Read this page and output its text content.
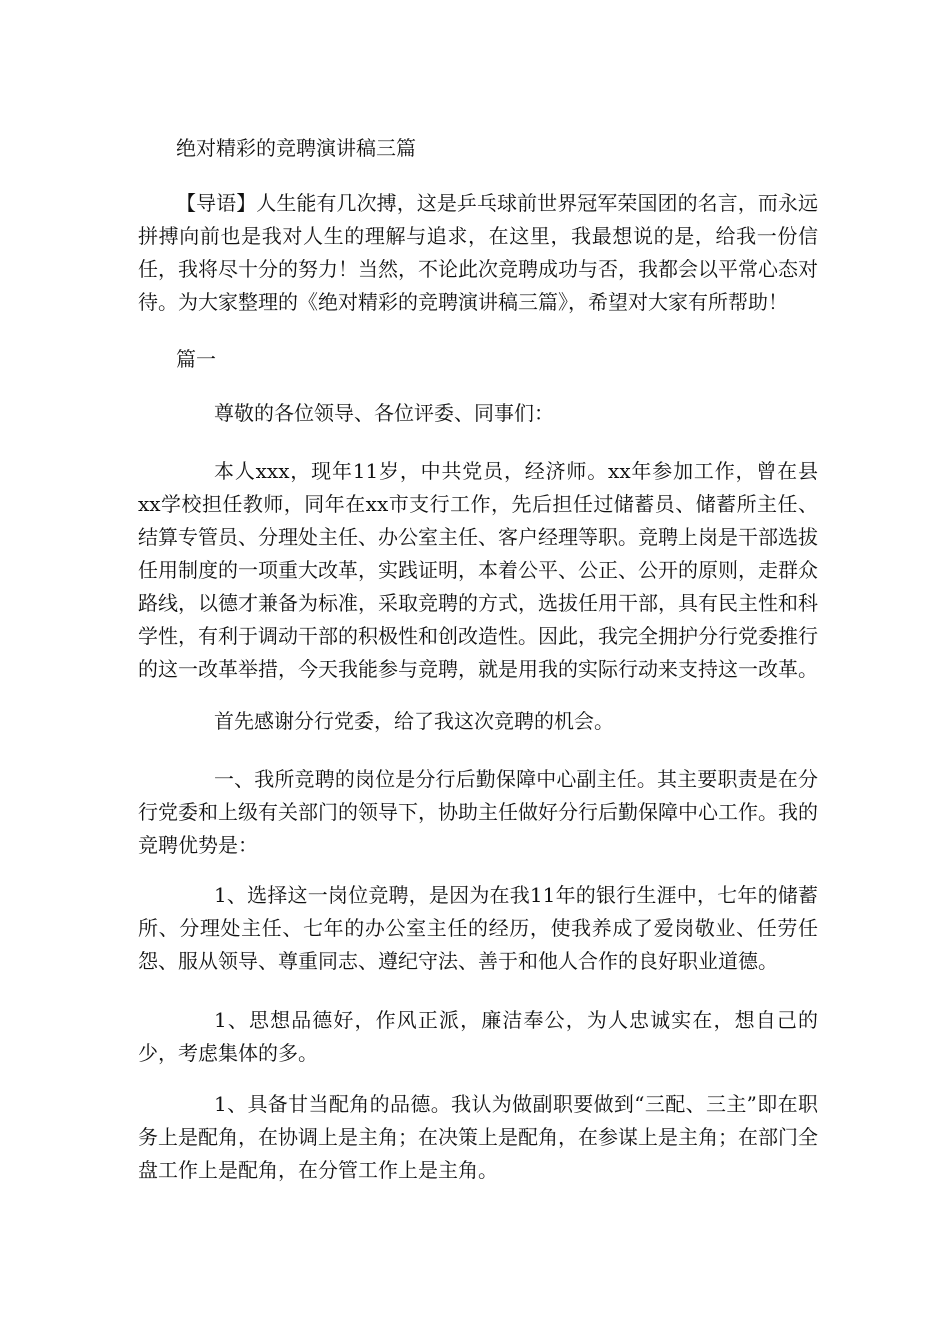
绝对精彩的竞聘演讲稿三篇
【导语】人生能有几次搏，这是乒乓球前世界冠军荣国团的名言，而永远拼搏向前也是我对人生的理解与追求，在这里，我最想说的是，给我一份信任，我将尽十分的努力！当然，不论此次竞聘成功与否，我都会以平常心态对待。为大家整理的《绝对精彩的竞聘演讲稿三篇》，希望对大家有所帮助！
篇一
尊敬的各位领导、各位评委、同事们：
本人xxx，现年11岁，中共党员，经济师。xx年参加工作，曾在县xx学校担任教师，同年在xx市支行工作，先后担任过储蓄员、储蓄所主任、结算专管员、分理处主任、办公室主任、客户经理等职。竞聘上岗是干部选拔任用制度的一项重大改革，实践证明，本着公平、公正、公开的原则，走群众路线，以德才兼备为标准，采取竞聘的方式，选拔任用干部，具有民主性和科学性，有利于调动干部的积极性和创改造性。因此，我完全拥护分行党委推行的这一改革举措，今天我能参与竞聘，就是用我的实际行动来支持这一改革。
首先感谢分行党委，给了我这次竞聘的机会。
一、我所竞聘的岗位是分行后勤保障中心副主任。其主要职责是在分行党委和上级有关部门的领导下，协助主任做好分行后勤保障中心工作。我的竞聘优势是：
1、选择这一岗位竞聘，是因为在我11年的银行生涯中，七年的储蓄所、分理处主任、七年的办公室主任的经历，使我养成了爱岗敬业、任劳任怨、服从领导、尊重同志、遵纪守法、善于和他人合作的良好职业道德。
1、思想品德好，作风正派，廉洁奉公，为人忠诚实在，想自己的少，考虑集体的多。
1、具备甘当配角的品德。我认为做副职要做到“三配、三主”即在职务上是配角，在协调上是主角；在决策上是配角，在参谋上是主角；在部门全盘工作上是配角，在分管工作上是主角。
